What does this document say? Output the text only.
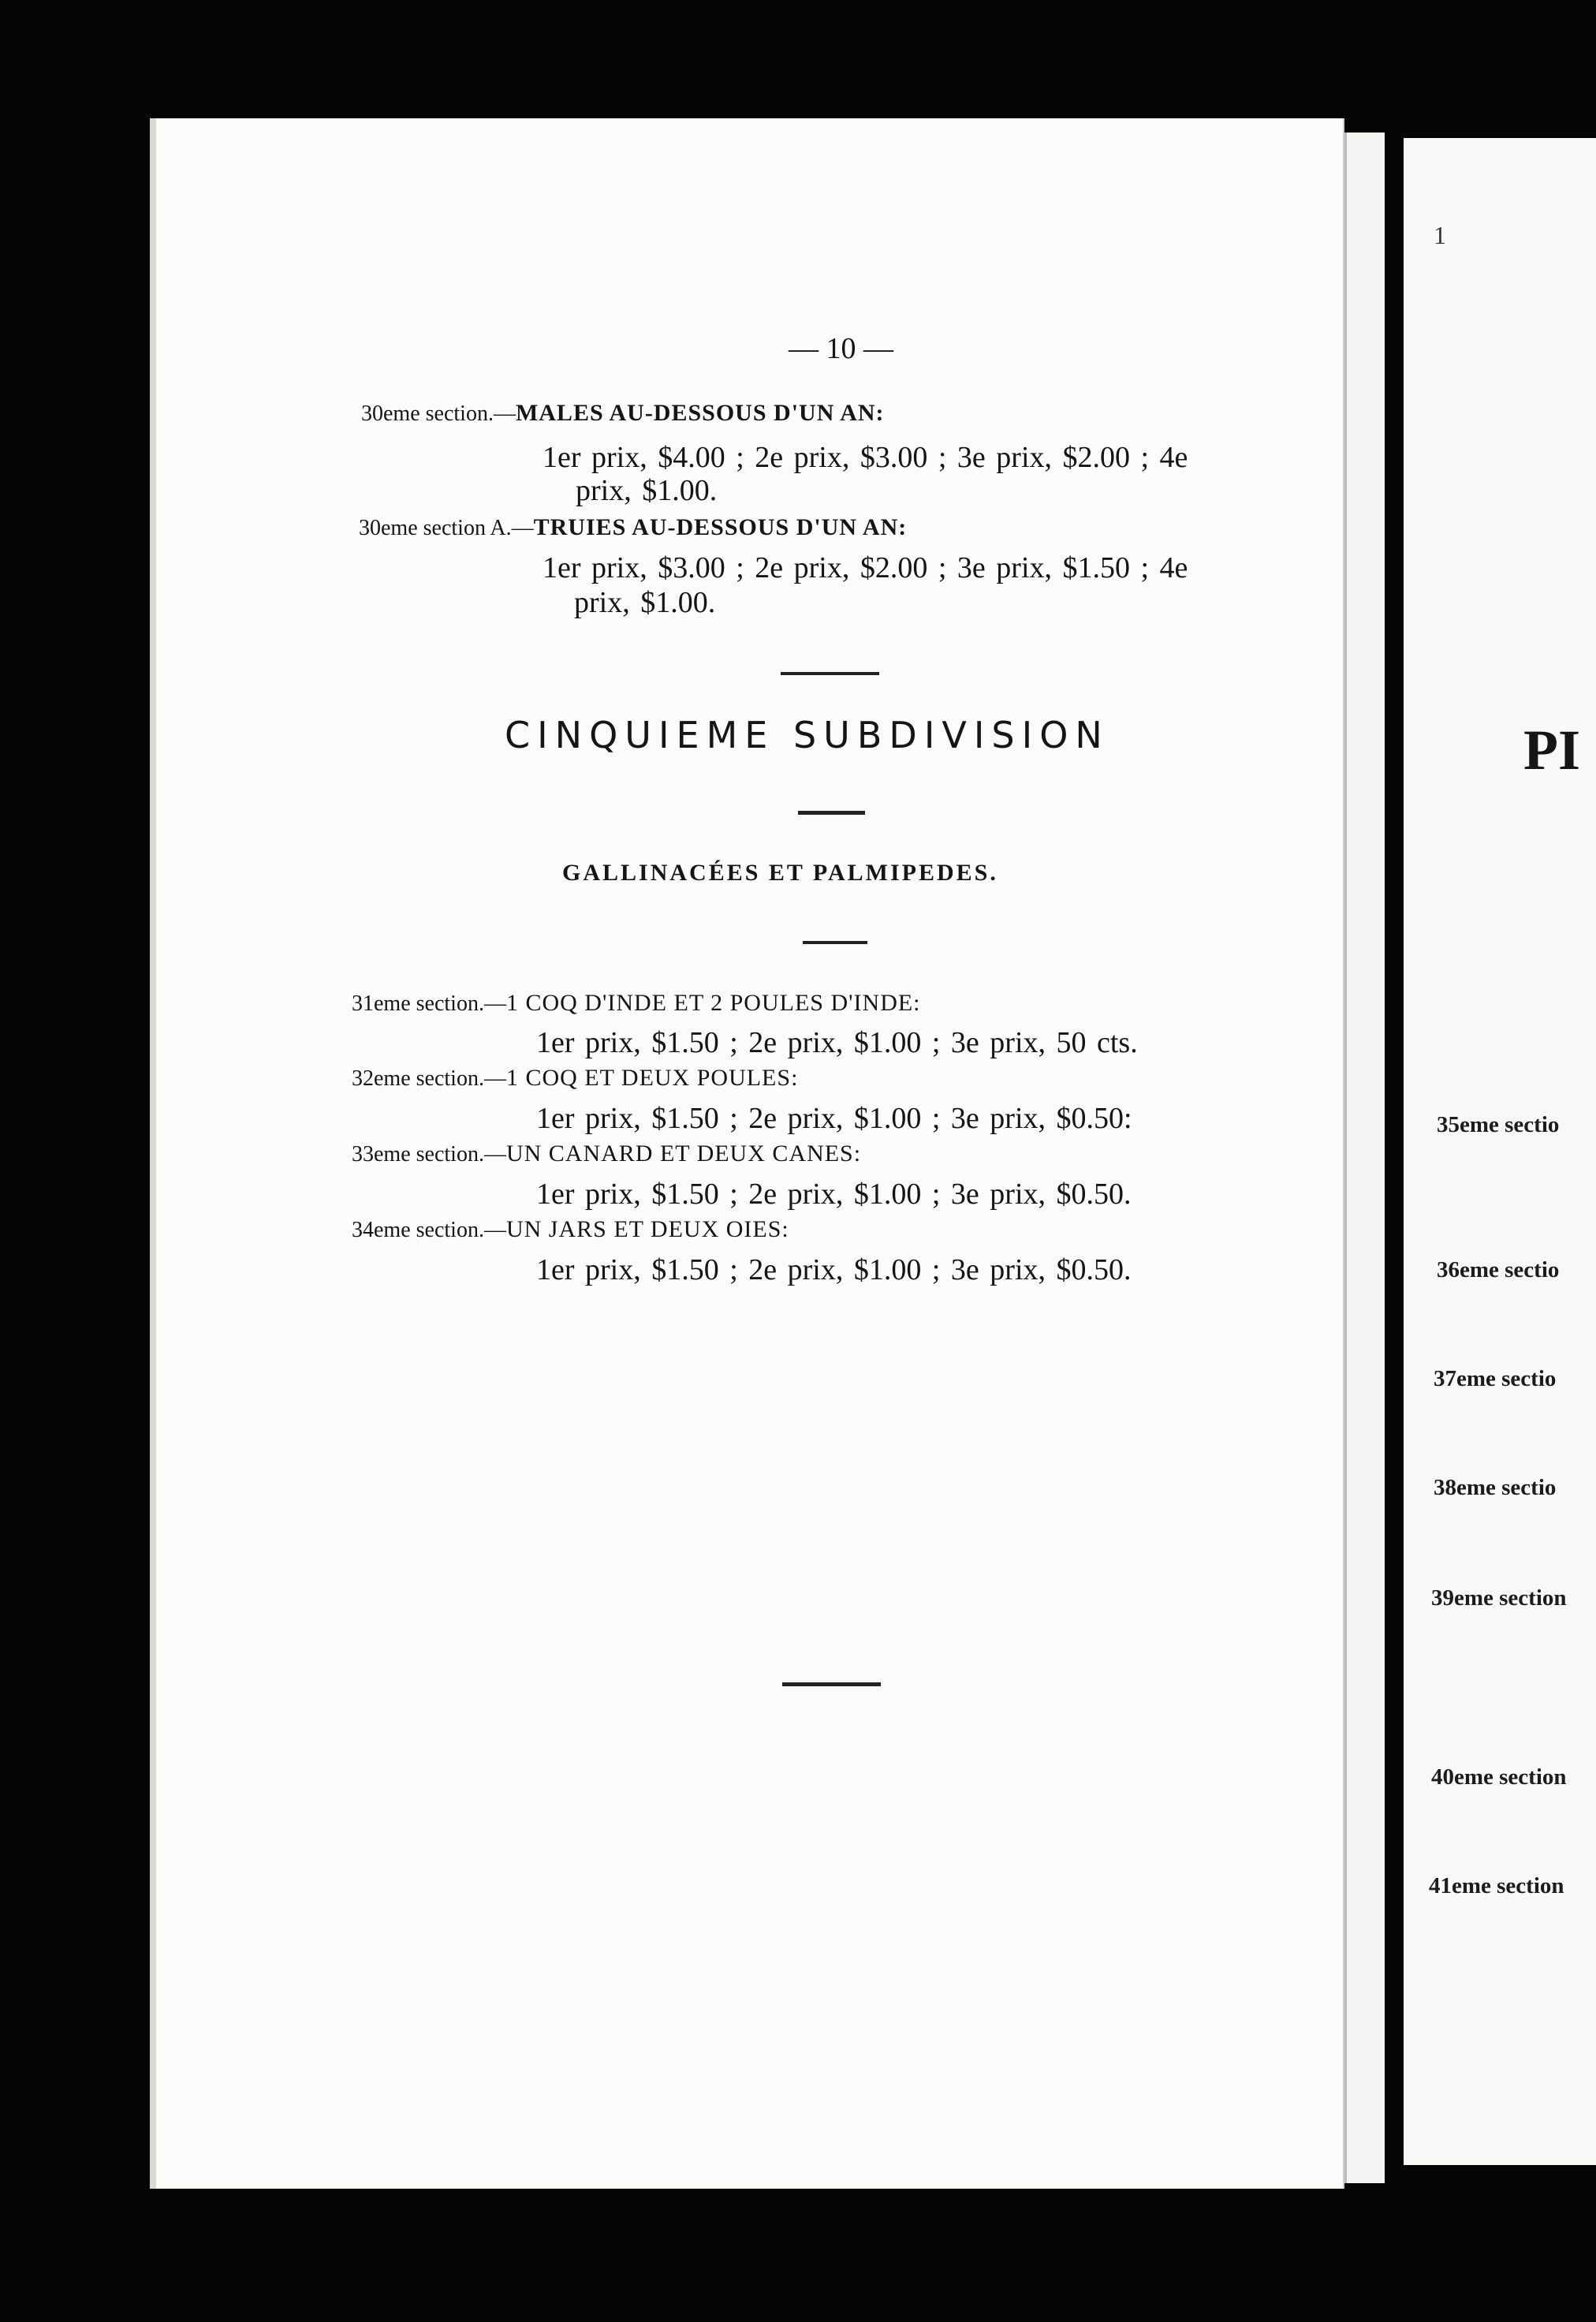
— 10 —
30eme section.—MALES AU-DESSOUS D'UN AN:
1er prix, $4.00 ; 2e prix, $3.00 ; 3e prix, $2.00 ; 4e
prix, $1.00.
30eme section A.—TRUIES AU-DESSOUS D'UN AN:
1er prix, $3.00 ; 2e prix, $2.00 ; 3e prix, $1.50 ; 4e
prix, $1.00.
CINQUIEME SUBDIVISION
GALLINACÉES ET PALMIPEDES.
31eme section.—1 COQ D'INDE ET 2 POULES D'INDE:
1er prix, $1.50 ; 2e prix, $1.00 ; 3e prix, 50 cts.
32eme section.—1 COQ ET DEUX POULES:
1er prix, $1.50 ; 2e prix, $1.00 ; 3e prix, $0.50:
33eme section.—UN CANARD ET DEUX CANES:
1er prix, $1.50 ; 2e prix, $1.00 ; 3e prix, $0.50.
34eme section.—UN JARS ET DEUX OIES:
1er prix, $1.50 ; 2e prix, $1.00 ; 3e prix, $0.50.
1
PI
35eme sectio
36eme sectio
37eme sectio
38eme sectio
39eme section
40eme section
41eme section
